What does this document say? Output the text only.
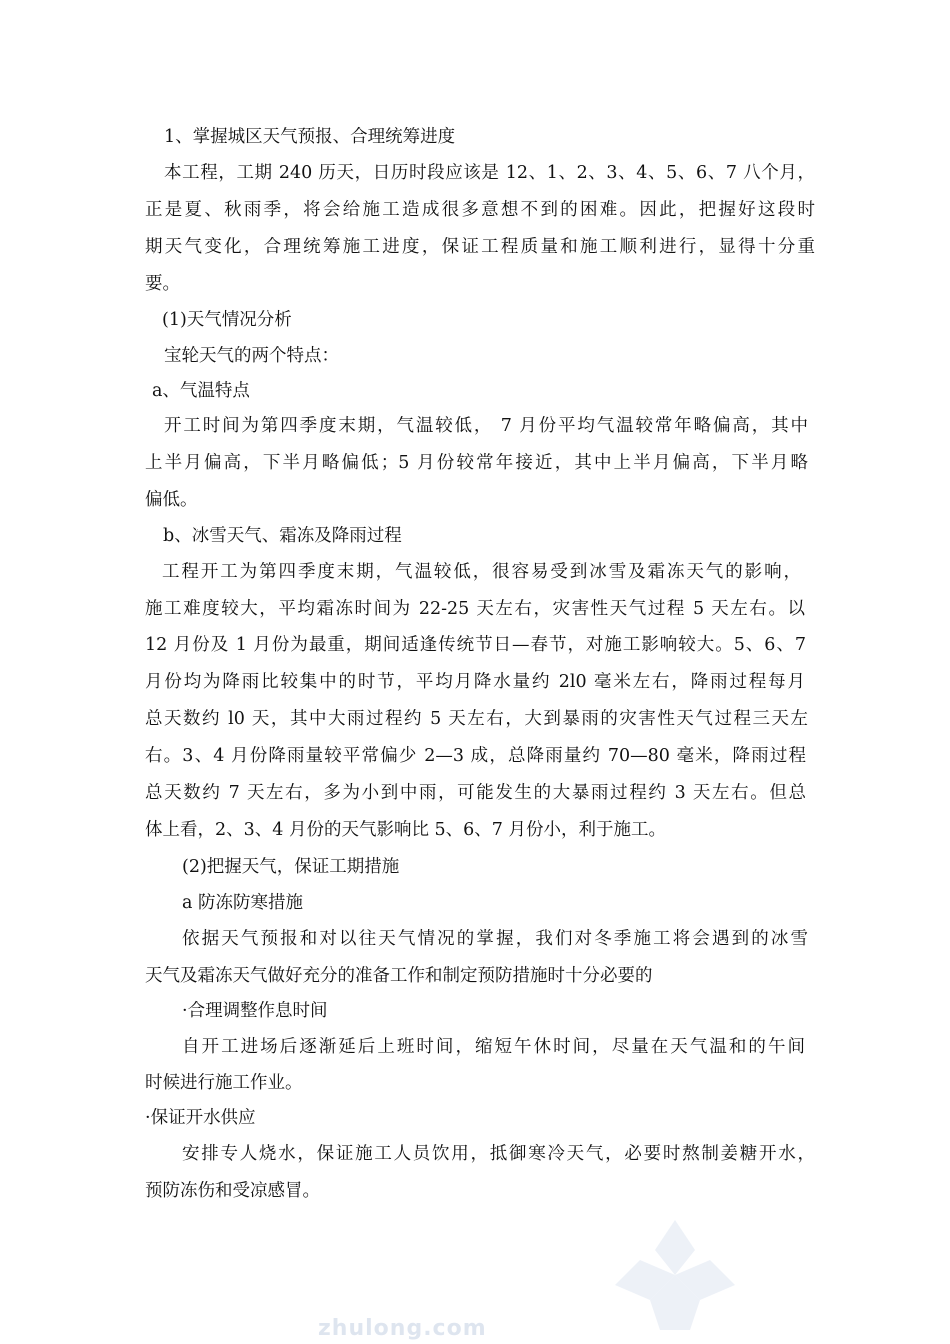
1、掌握城区天气预报、合理统筹进度
本工程，工期 240 历天，日历时段应该是 12、1、2、3、4、5、6、7 八个月，
正是夏、秋雨季，将会给施工造成很多意想不到的困难。因此，把握好这段时
期天气变化，合理统筹施工进度，保证工程质量和施工顺利进行，显得十分重
要。
(1)天气情况分析
宝轮天气的两个特点：
a、气温特点
开工时间为第四季度末期，气温较低， 7 月份平均气温较常年略偏高，其中
上半月偏高，下半月略偏低；5 月份较常年接近，其中上半月偏高，下半月略
偏低。
b、冰雪天气、霜冻及降雨过程
工程开工为第四季度末期，气温较低，很容易受到冰雪及霜冻天气的影响，
施工难度较大，平均霜冻时间为 22-25 天左右，灾害性天气过程 5 天左右。以
12 月份及 1 月份为最重，期间适逢传统节日—春节，对施工影响较大。5、6、7
月份均为降雨比较集中的时节，平均月降水量约 2l0 毫米左右，降雨过程每月
总天数约 l0 天，其中大雨过程约 5 天左右，大到暴雨的灾害性天气过程三天左
右。3、4 月份降雨量较平常偏少 2—3 成，总降雨量约 70—80 毫米，降雨过程
总天数约 7 天左右，多为小到中雨，可能发生的大暴雨过程约 3 天左右。但总
体上看，2、3、4 月份的天气影响比 5、6、7 月份小，利于施工。
(2)把握天气，保证工期措施
a 防冻防寒措施
依据天气预报和对以往天气情况的掌握，我们对冬季施工将会遇到的冰雪
天气及霜冻天气做好充分的准备工作和制定预防措施时十分必要的
·合理调整作息时间
自开工进场后逐渐延后上班时间，缩短午休时间，尽量在天气温和的午间
时候进行施工作业。
·保证开水供应
安排专人烧水，保证施工人员饮用，抵御寒冷天气，必要时熬制姜糖开水，
预防冻伤和受凉感冒。
zhulong.com
